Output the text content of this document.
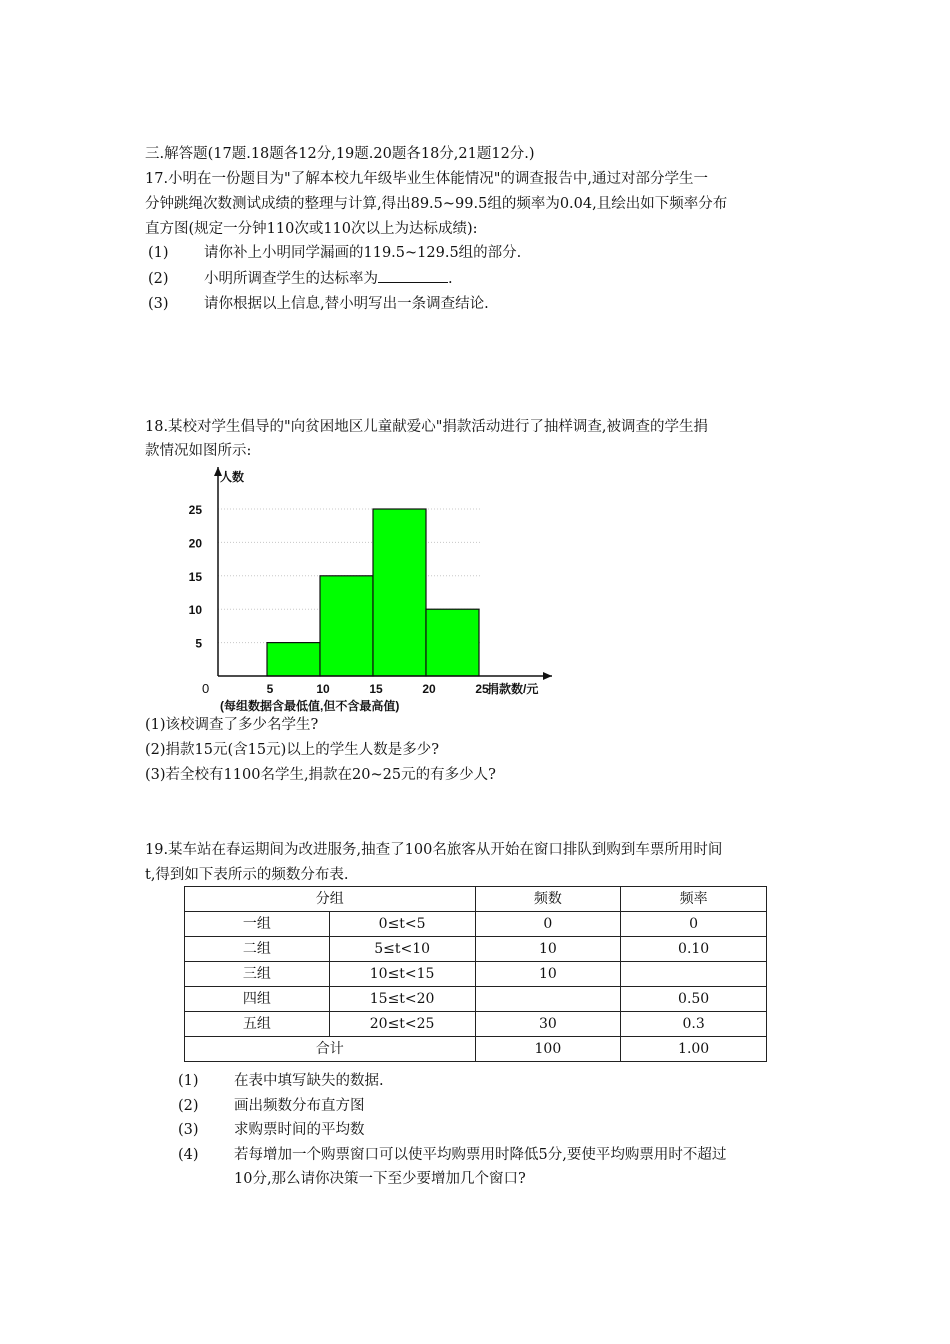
三.解答题(17题.18题各12分,19题.20题各18分,21题12分.)
17.小明在一份题目为"了解本校九年级毕业生体能情况"的调查报告中,通过对部分学生一
分钟跳绳次数测试成绩的整理与计算,得出89.5~99.5组的频率为0.04,且绘出如下频率分布
直方图(规定一分钟110次或110次以上为达标成绩):
(1) 请你补上小明同学漏画的119.5~129.5组的部分.
(2) 小明所调查学生的达标率为	.
(3) 请你根据以上信息,替小明写出一条调查结论.
18.某校对学生倡导的"向贫困地区儿童献爱心"捐款活动进行了抽样调查,被调查的学生捐
款情况如图所示:
人数
捐款数/元
0
(每组数据含最低值,但不含最高值)
5	10	15	20	25
5
10
15
20
25
(1)该校调查了多少名学生?
(2)捐款15元(含15元)以上的学生人数是多少?
(3)若全校有1100名学生,捐款在20~25元的有多少人?
19.某车站在春运期间为改进服务,抽查了100名旅客从开始在窗口排队到购到车票所用时间
t,得到如下表所示的频数分布表.
分组		频数	频率
一组	0≤t<5	0	0
二组	5≤t<10	10	0.10
三组	10≤t<15	10	
四组	15≤t<20		0.50
五组	20≤t<25	30	0.3
合计		100	1.00
(1) 在表中填写缺失的数据.
(2) 画出频数分布直方图
(3) 求购票时间的平均数
(4) 若每增加一个购票窗口可以使平均购票用时降低5分,要使平均购票用时不超过
10分,那么请你决策一下至少要增加几个窗口?
